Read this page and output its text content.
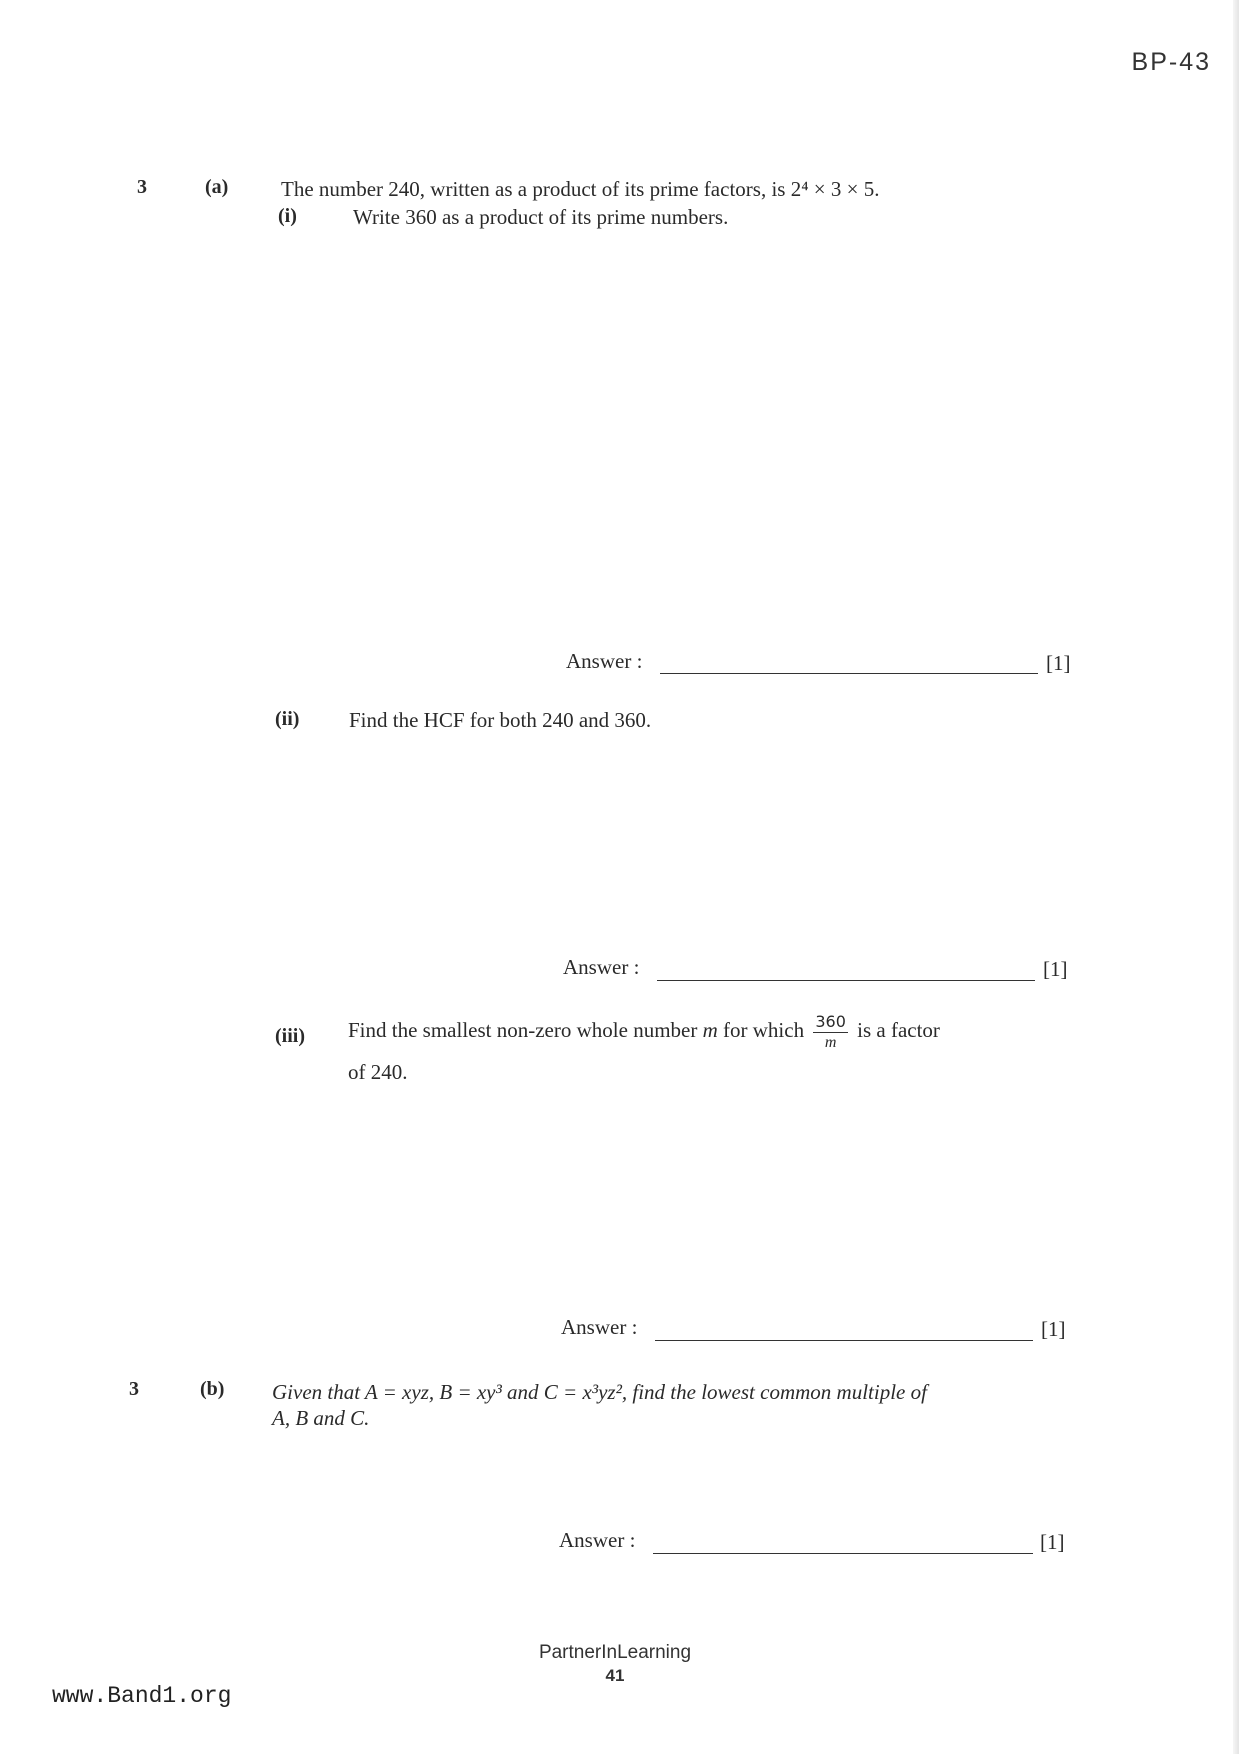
BP-43
3	(a)	The number 240, written as a product of its prime factors, is 2⁴ × 3 × 5.
(i)	Write 360 as a product of its prime numbers.
Answer :	[1]
(ii) Find the HCF for both 240 and 360.
Answer :	[1]
(iii) Find the smallest non-zero whole number m for which $\frac{360}{m}$ is a factor
of 240.
Answer :	[1]
3	(b) Given that A = xyz, B = xy³ and C = x³yz², find the lowest common multiple of
A, B and C.
Answer :	[1]
PartnerInLearning
41
www.Band1.org
